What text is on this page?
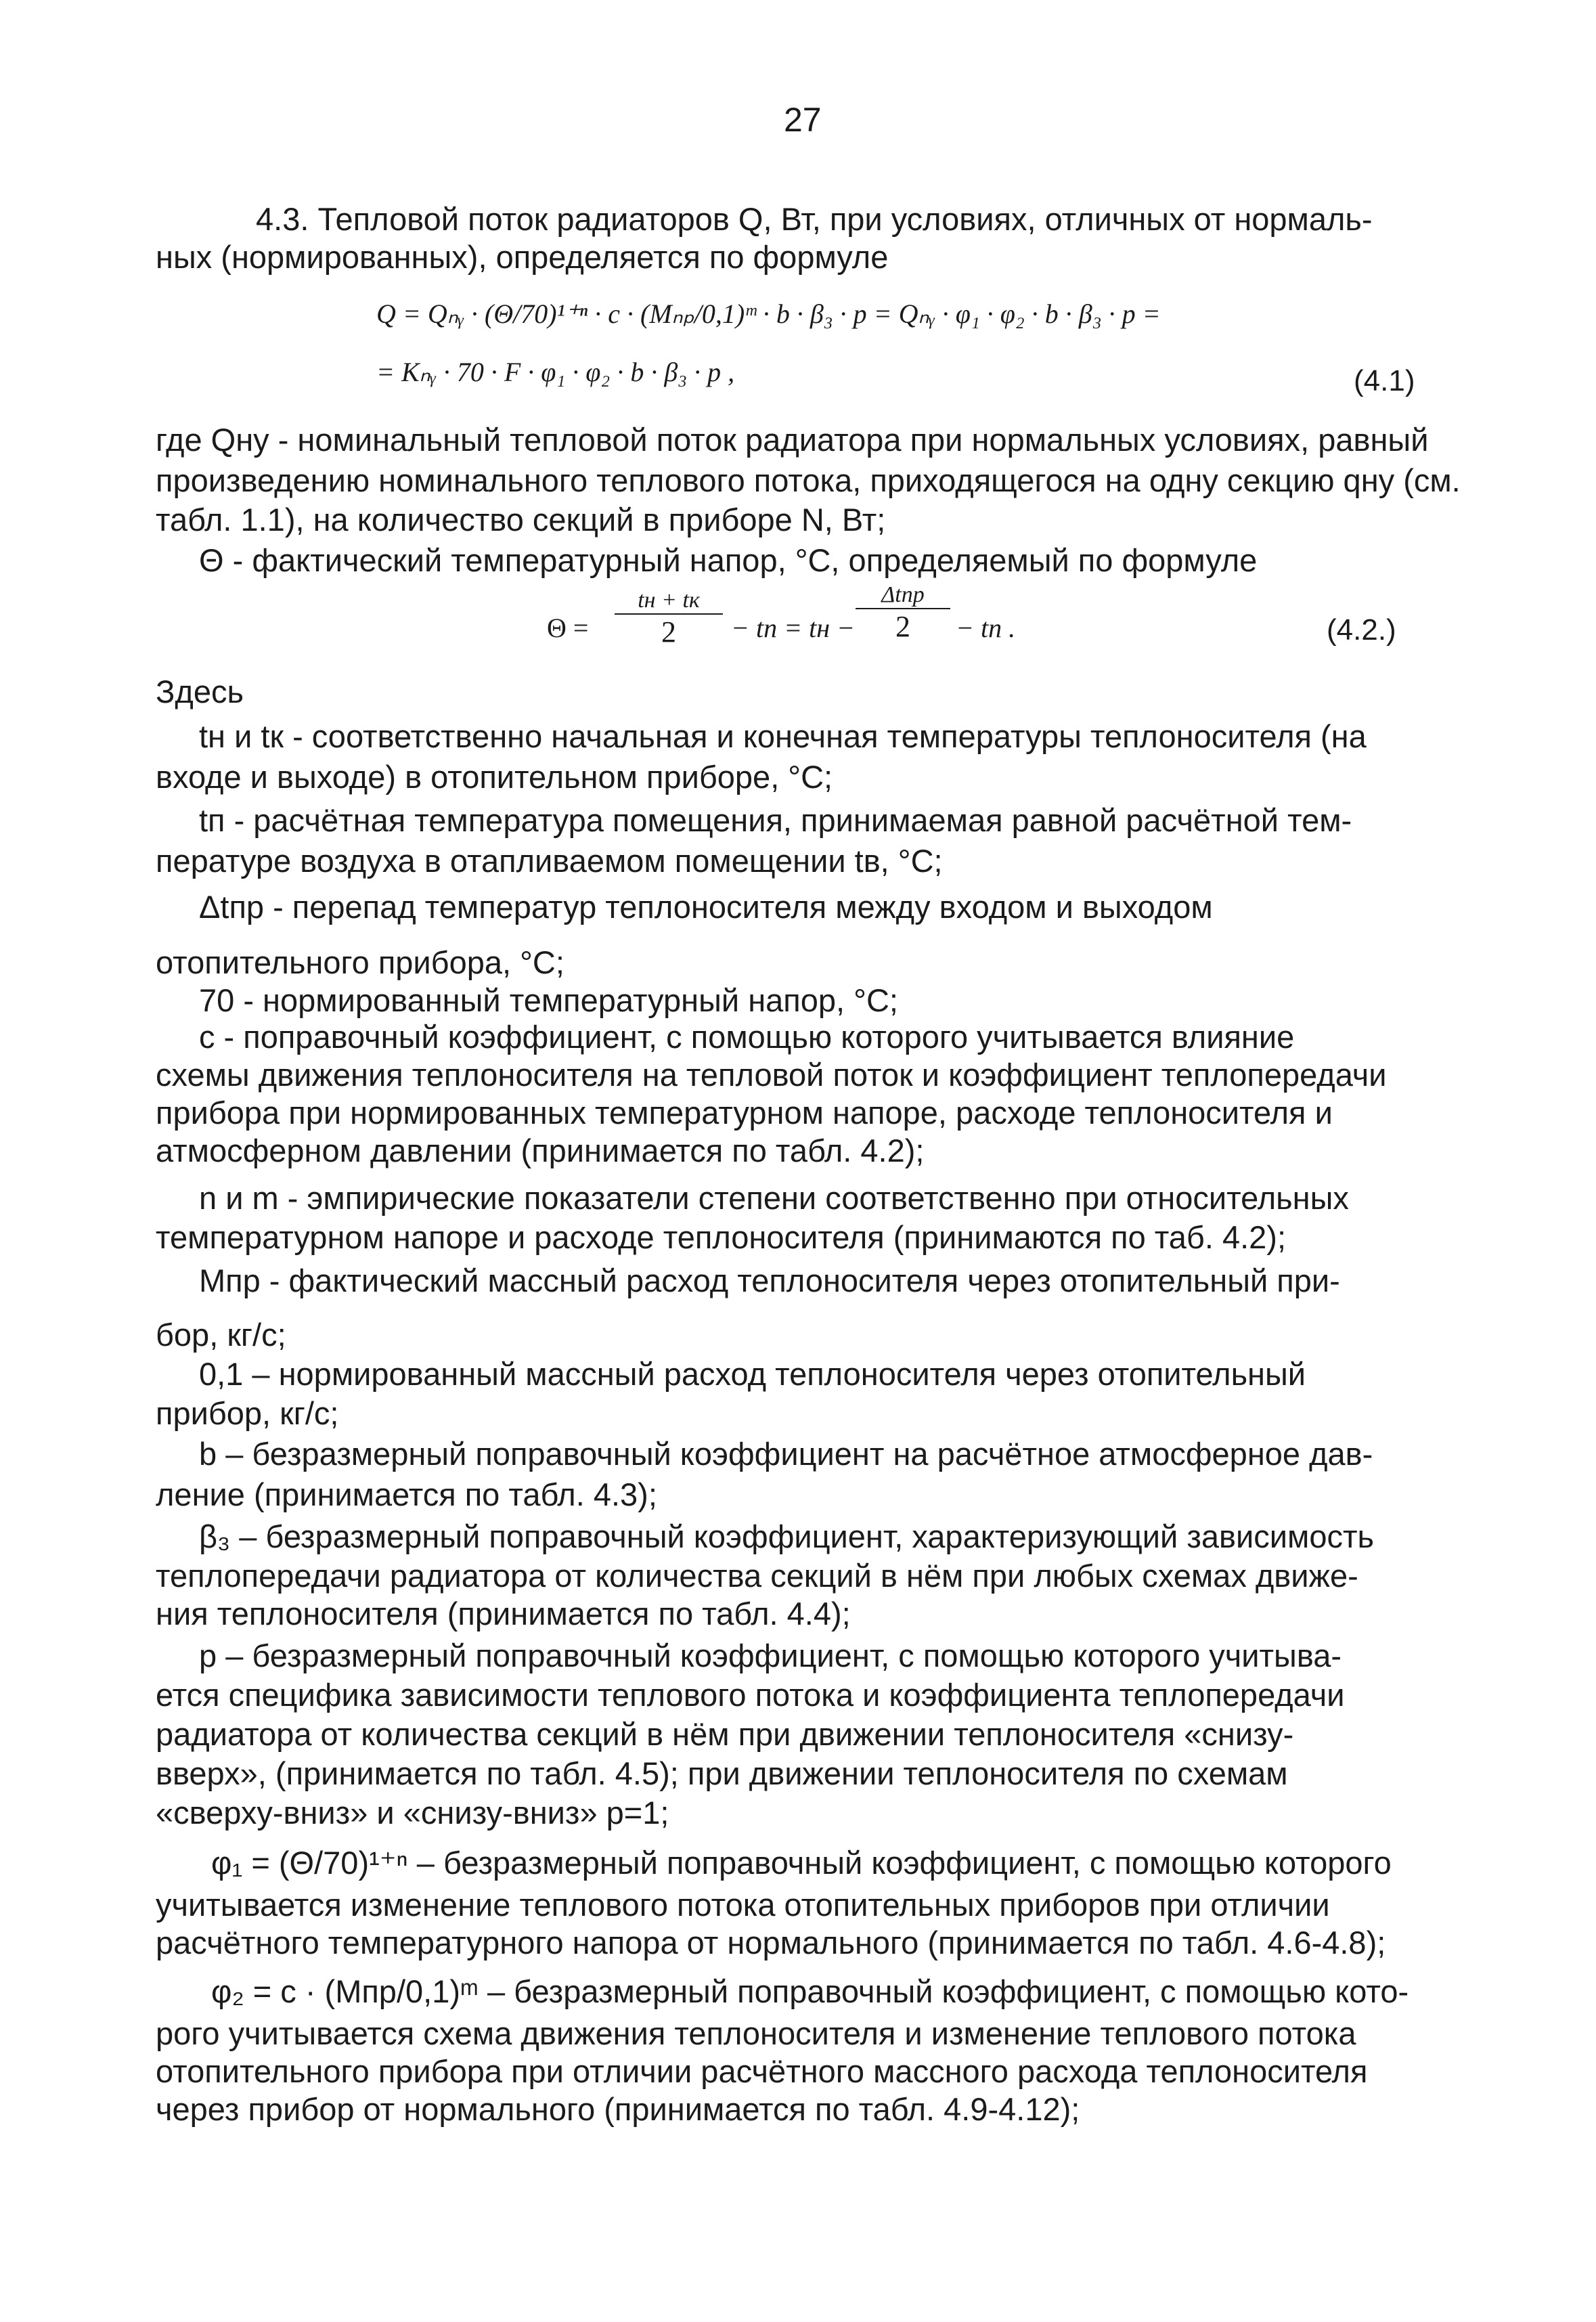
27
4.3. Тепловой поток радиаторов Q, Вт, при условиях, отличных от нормаль-
ных (нормированных), определяется по формуле
Q = Qₙᵧ · (Θ/70)¹⁺ⁿ · c · (Mₙₚ/0,1)ᵐ · b · β₃ · p = Qₙᵧ · φ₁ · φ₂ · b · β₃ · p =
= Kₙᵧ · 70 · F · φ₁ · φ₂ · b · β₃ · p ,	(4.1)
где Qну - номинальный тепловой поток радиатора при нормальных условиях, равный
произведению номинального теплового потока, приходящегося на одну секцию qну (см.
табл. 1.1), на количество секций в приборе N, Вт;
Θ - фактический температурный напор, °С, определяемый по формуле
Θ =
tн + tк
2	− tп = tн −
Δtпр
2	− tп .	(4.2.)
Здесь
tн и tк - соответственно начальная и конечная температуры теплоносителя (на
входе и выходе) в отопительном приборе, °С;
tп - расчётная температура помещения, принимаемая равной расчётной тем-
пературе воздуха в отапливаемом помещении tв, °С;
Δtпр - перепад температур теплоносителя между входом и выходом
отопительного прибора, °С;
70 - нормированный температурный напор, °С;
с - поправочный коэффициент, с помощью которого учитывается влияние
схемы движения теплоносителя на тепловой поток и коэффициент теплопередачи
прибора при нормированных температурном напоре, расходе теплоносителя и
атмосферном давлении (принимается по табл. 4.2);
n и m - эмпирические показатели степени соответственно при относительных
температурном напоре и расходе теплоносителя (принимаются по таб. 4.2);
Mпр - фактический массный расход теплоносителя через отопительный при-
бор, кг/с;
0,1 – нормированный массный расход теплоносителя через отопительный
прибор, кг/с;
b – безразмерный поправочный коэффициент на расчётное атмосферное дав-
ление (принимается по табл. 4.3);
β₃ – безразмерный поправочный коэффициент, характеризующий зависимость
теплопередачи радиатора от количества секций в нём при любых схемах движе-
ния теплоносителя (принимается по табл. 4.4);
р – безразмерный поправочный коэффициент, с помощью которого учитыва-
ется специфика зависимости теплового потока и коэффициента теплопередачи
радиатора от количества секций в нём при движении теплоносителя «снизу-
вверх», (принимается по табл. 4.5); при движении теплоносителя по схемам
«сверху-вниз» и «снизу-вниз» р=1;
φ₁ = (Θ/70)¹⁺ⁿ – безразмерный поправочный коэффициент, с помощью которого
учитывается изменение теплового потока отопительных приборов при отличии
расчётного температурного напора от нормального (принимается по табл. 4.6-4.8);
φ₂ = c · (Mпр/0,1)ᵐ – безразмерный поправочный коэффициент, с помощью кото-
рого учитывается схема движения теплоносителя и изменение теплового потока
отопительного прибора при отличии расчётного массного расхода теплоносителя
через прибор от нормального (принимается по табл. 4.9-4.12);
